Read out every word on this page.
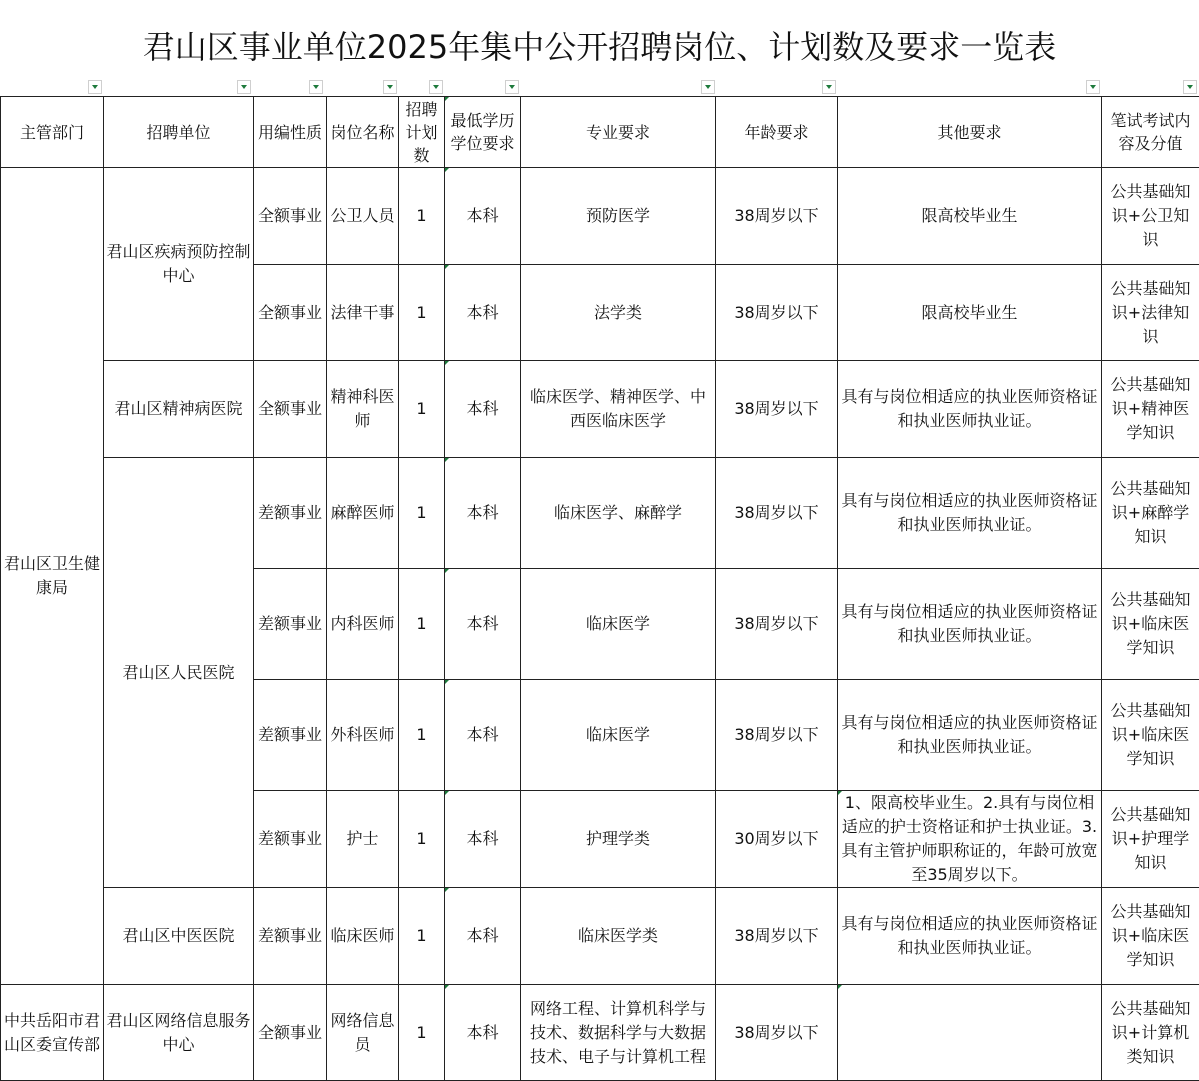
君山区事业单位2025年集中公开招聘岗位、计划数及要求一览表
主管部门	招聘单位	用编性质	岗位名称	招聘计划数	最低学历学位要求	专业要求	年龄要求	其他要求	笔试考试内容及分值
君山区卫生健康局	君山区疾病预防控制中心	全额事业	公卫人员	1	本科	预防医学	38周岁以下	限高校毕业生	公共基础知识+公卫知识
		全额事业	法律干事	1	本科	法学类	38周岁以下	限高校毕业生	公共基础知识+法律知识
	君山区精神病医院	全额事业	精神科医师	1	本科	临床医学、精神医学、中西医临床医学	38周岁以下	具有与岗位相适应的执业医师资格证和执业医师执业证。	公共基础知识+精神医学知识
	君山区人民医院	差额事业	麻醉医师	1	本科	临床医学、麻醉学	38周岁以下	具有与岗位相适应的执业医师资格证和执业医师执业证。	公共基础知识+麻醉学知识
		差额事业	内科医师	1	本科	临床医学	38周岁以下	具有与岗位相适应的执业医师资格证和执业医师执业证。	公共基础知识+临床医学知识
		差额事业	外科医师	1	本科	临床医学	38周岁以下	具有与岗位相适应的执业医师资格证和执业医师执业证。	公共基础知识+临床医学知识
		差额事业	护士	1	本科	护理学类	30周岁以下	1、限高校毕业生。2.具有与岗位相适应的护士资格证和护士执业证。3.具有主管护师职称证的，年龄可放宽至35周岁以下。	公共基础知识+护理学知识
	君山区中医医院	差额事业	临床医师	1	本科	临床医学类	38周岁以下	具有与岗位相适应的执业医师资格证和执业医师执业证。	公共基础知识+临床医学知识
中共岳阳市君山区委宣传部	君山区网络信息服务中心	全额事业	网络信息员	1	本科	网络工程、计算机科学与技术、数据科学与大数据技术、电子与计算机工程	38周岁以下		公共基础知识+计算机类知识
